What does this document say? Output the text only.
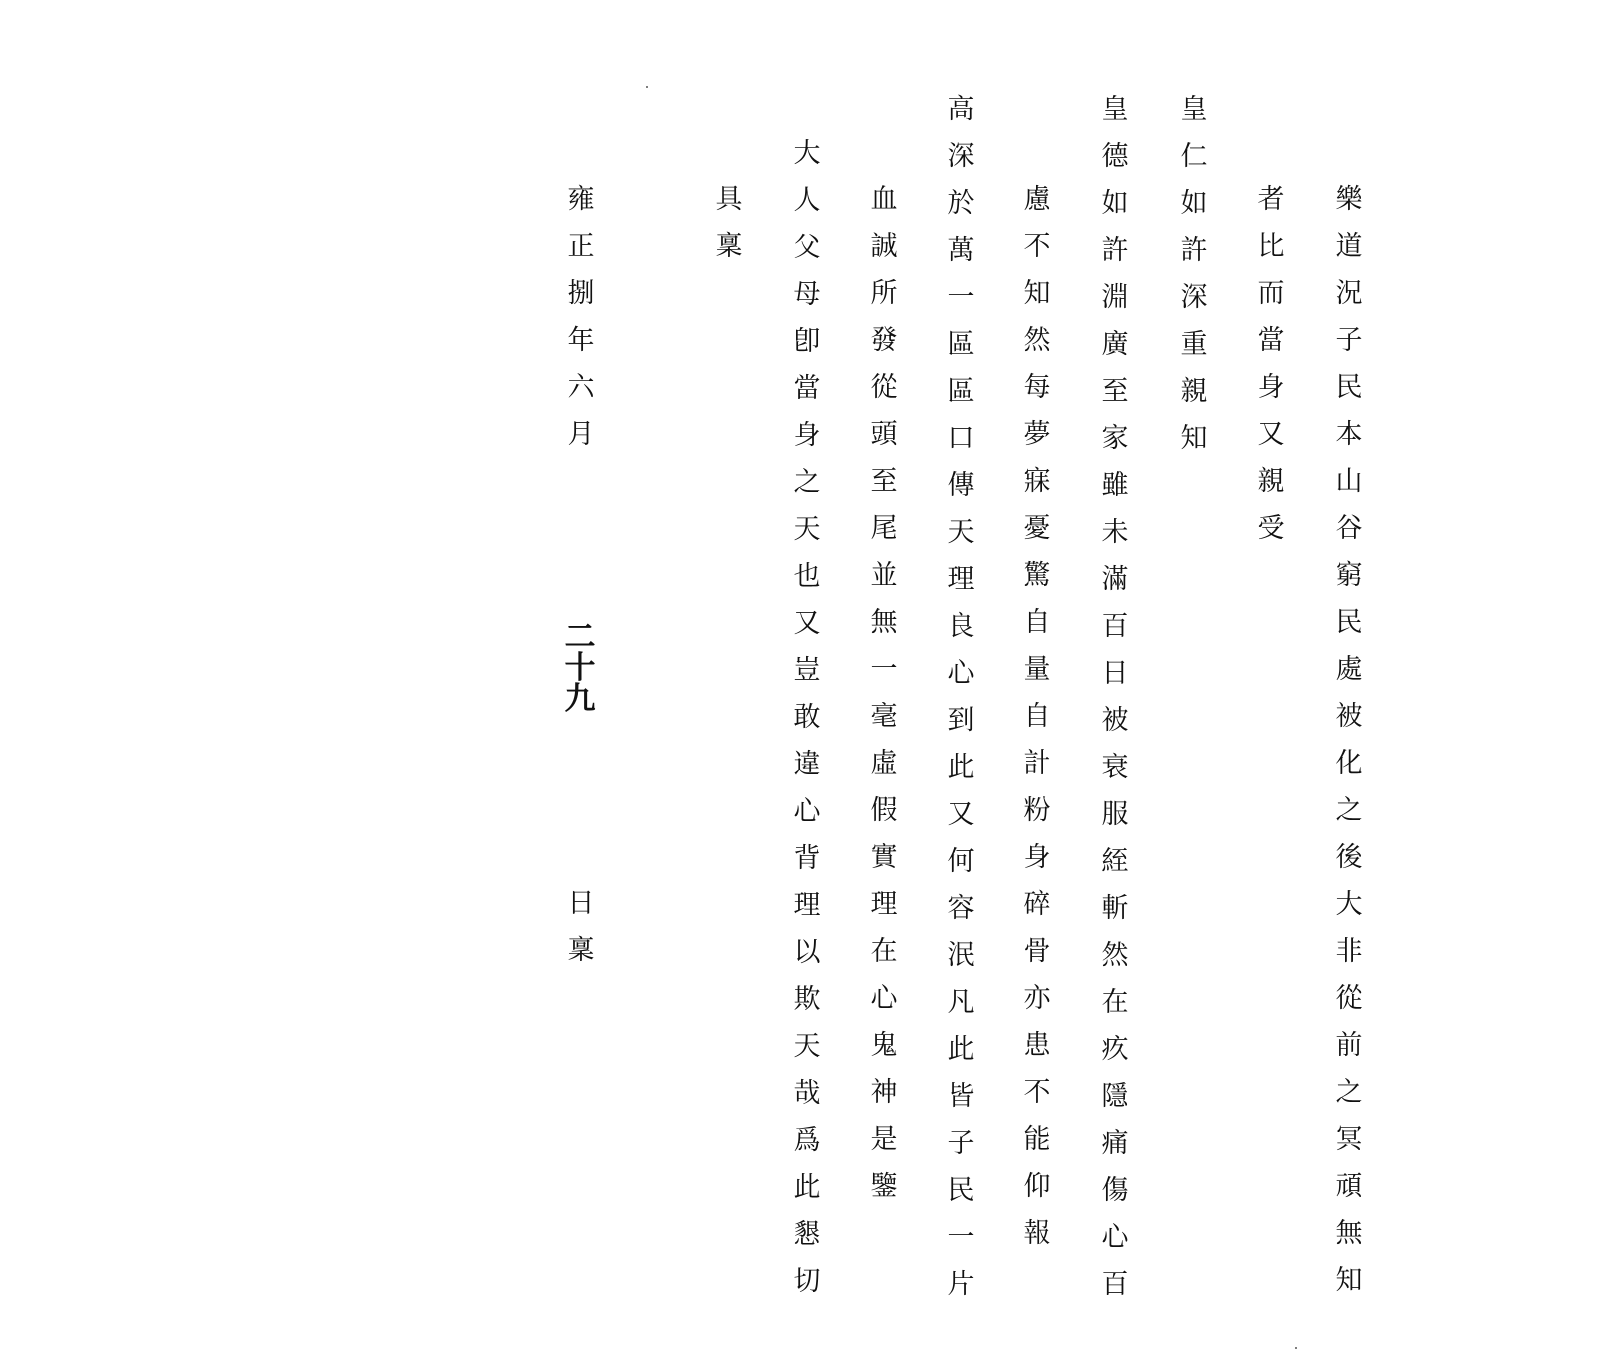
樂
道
況
子
民
本
山
谷
窮
民
處
被
化
之
後
大
非
從
前
之
冥
頑
無
知
者
比
而
當
身
又
親
受
皇
仁
如
許
深
重
親
知
皇
德
如
許
淵
廣
至
家
雖
未
滿
百
日
被
衰
服
絰
斬
然
在
疚
隱
痛
傷
心
百
慮
不
知
然
每
夢
寐
憂
驚
自
量
自
計
粉
身
碎
骨
亦
患
不
能
仰
報
高
深
於
萬
一
區
區
口
傳
天
理
良
心
到
此
又
何
容
泯
凡
此
皆
子
民
一
片
血
誠
所
發
從
頭
至
尾
並
無
一
毫
虛
假
實
理
在
心
鬼
神
是
鑒
大
人
父
母
卽
當
身
之
天
也
又
豈
敢
違
心
背
理
以
欺
天
哉
爲
此
懇
切
具
稟
雍
正
捌
年
六
月
日
稟
二
十
九
